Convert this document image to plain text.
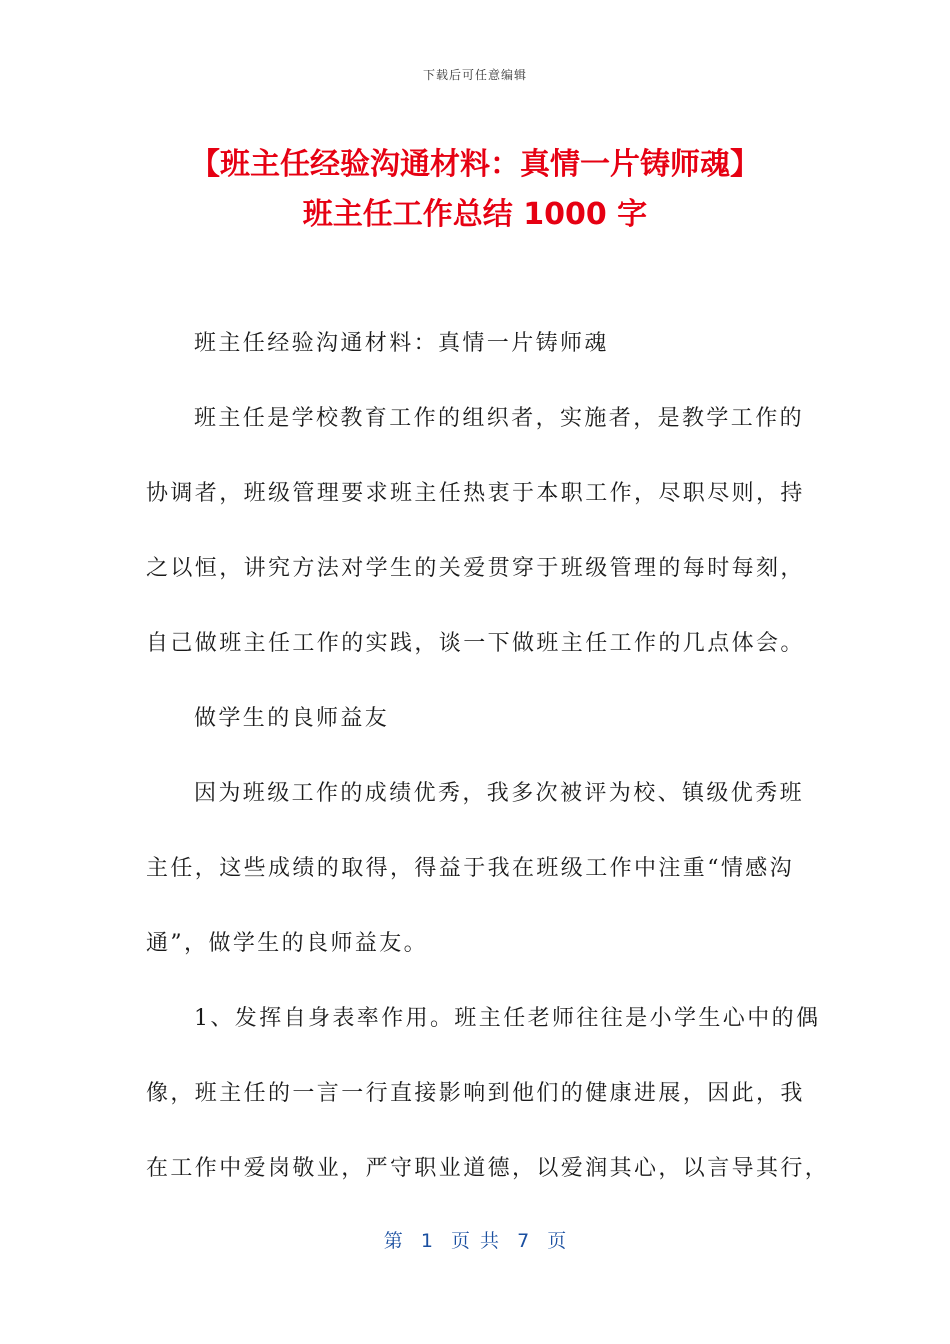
下载后可任意编辑
【班主任经验沟通材料：真情一片铸师魂】
班主任工作总结 1000 字
班主任经验沟通材料：真情一片铸师魂
班主任是学校教育工作的组织者，实施者，是教学工作的
协调者，班级管理要求班主任热衷于本职工作，尽职尽则，持
之以恒，讲究方法对学生的关爱贯穿于班级管理的每时每刻，
自己做班主任工作的实践，谈一下做班主任工作的几点体会。
做学生的良师益友
因为班级工作的成绩优秀，我多次被评为校、镇级优秀班
主任，这些成绩的取得，得益于我在班级工作中注重“情感沟
通”，做学生的良师益友。
1、发挥自身表率作用。班主任老师往往是小学生心中的偶
像，班主任的一言一行直接影响到他们的健康进展，因此，我
在工作中爱岗敬业，严守职业道德，以爱润其心，以言导其行，
第 1 页 共 7 页
